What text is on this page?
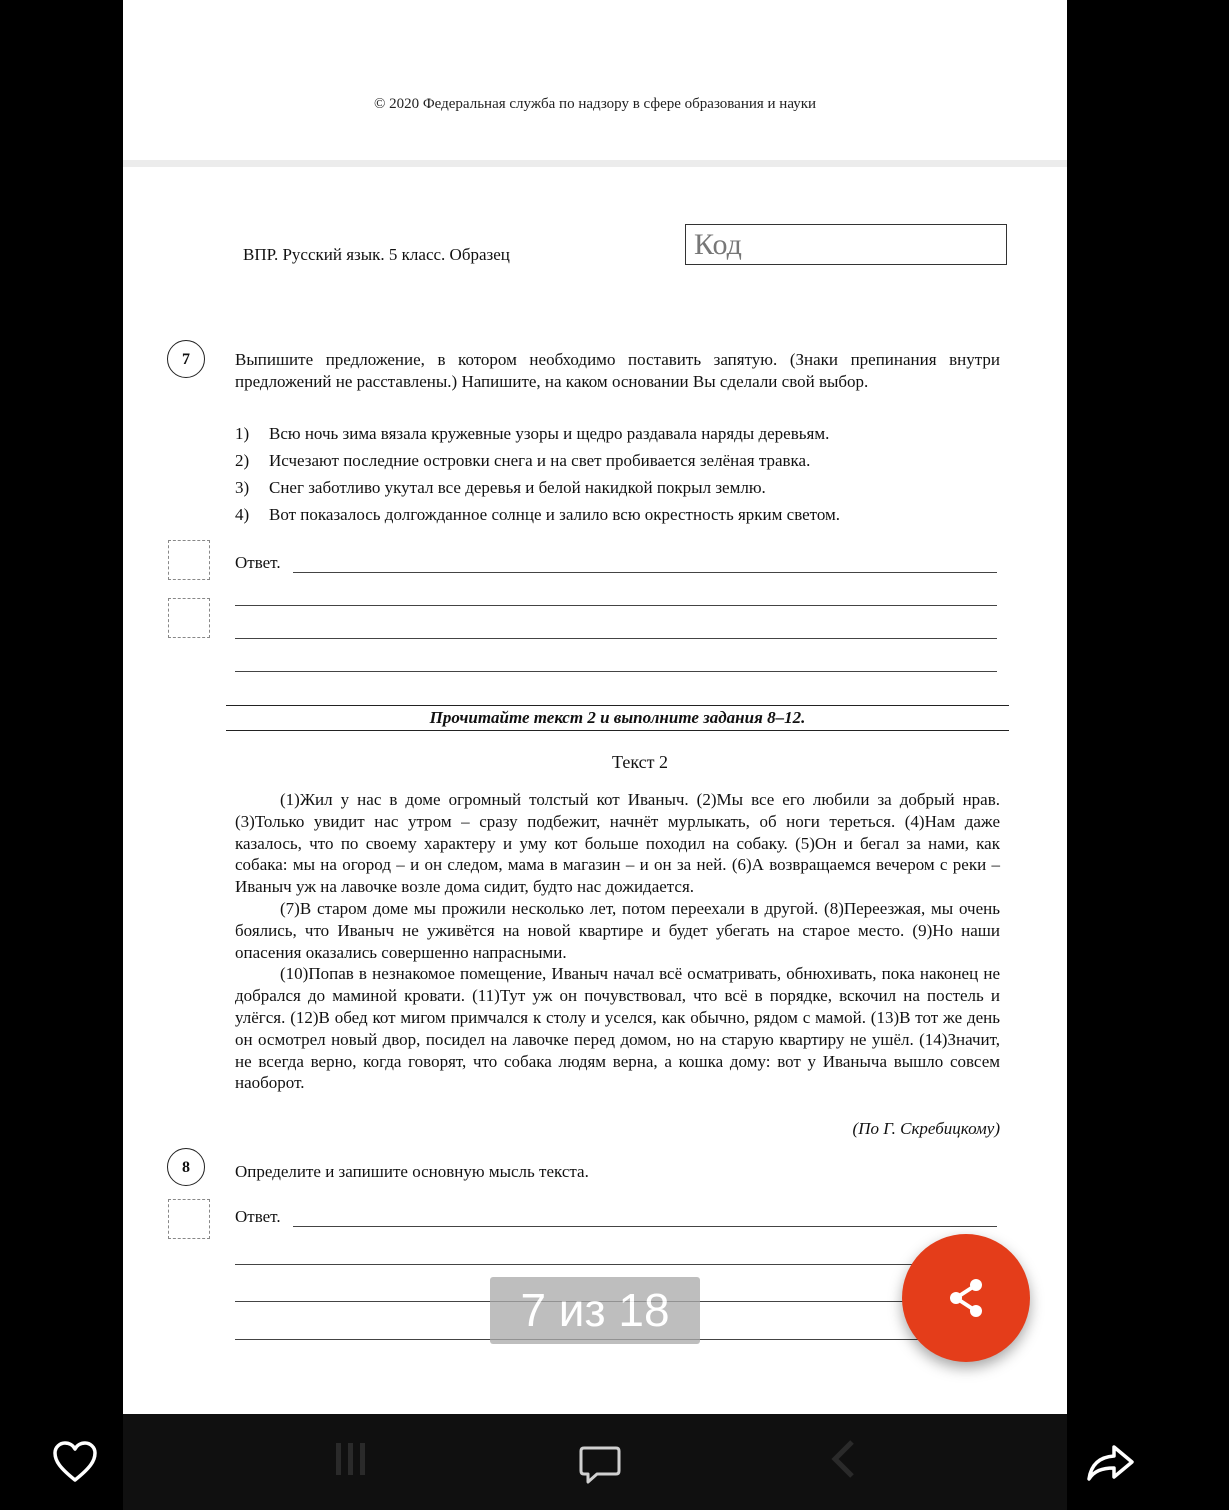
© 2020 Федеральная служба по надзору в сфере образования и науки
ВПР. Русский язык. 5 класс. Образец	Код
7	Выпишите предложение, в котором необходимо поставить запятую. (Знаки препинания внутри предложений не расставлены.) Напишите, на каком основании Вы сделали свой выбор.
1) Всю ночь зима вязала кружевные узоры и щедро раздавала наряды деревьям.
2) Исчезают последние островки снега и на свет пробивается зелёная травка.
3) Снег заботливо укутал все деревья и белой накидкой покрыл землю.
4) Вот показалось долгожданное солнце и залило всю окрестность ярким светом.
Ответ.
Прочитайте текст 2 и выполните задания 8–12.
Текст 2

(1)Жил у нас в доме огромный толстый кот Иваныч. (2)Мы все его любили за добрый нрав. (3)Только увидит нас утром – сразу подбежит, начнёт мурлыкать, об ноги тереться. (4)Нам даже казалось, что по своему характеру и уму кот больше походил на собаку. (5)Он и бегал за нами, как собака: мы на огород – и он следом, мама в магазин – и он за ней. (6)А возвращаемся вечером с реки – Иваныч уж на лавочке возле дома сидит, будто нас дожидается.

(7)В старом доме мы прожили несколько лет, потом переехали в другой. (8)Переезжая, мы очень боялись, что Иваныч не уживётся на новой квартире и будет убегать на старое место. (9)Но наши опасения оказались совершенно напрасными.

(10)Попав в незнакомое помещение, Иваныч начал всё осматривать, обнюхивать, пока наконец не добрался до маминой кровати. (11)Тут уж он почувствовал, что всё в порядке, вскочил на постель и улёгся. (12)В обед кот мигом примчался к столу и уселся, как обычно, рядом с мамой. (13)В тот же день он осмотрел новый двор, посидел на лавочке перед домом, но на старую квартиру не ушёл. (14)Значит, не всегда верно, когда говорят, что собака людям верна, а кошка дому: вот у Иваныча вышло совсем наоборот.

(По Г. Скребицкому)
8	Определите и запишите основную мысль текста.
Ответ.
7 из 18
